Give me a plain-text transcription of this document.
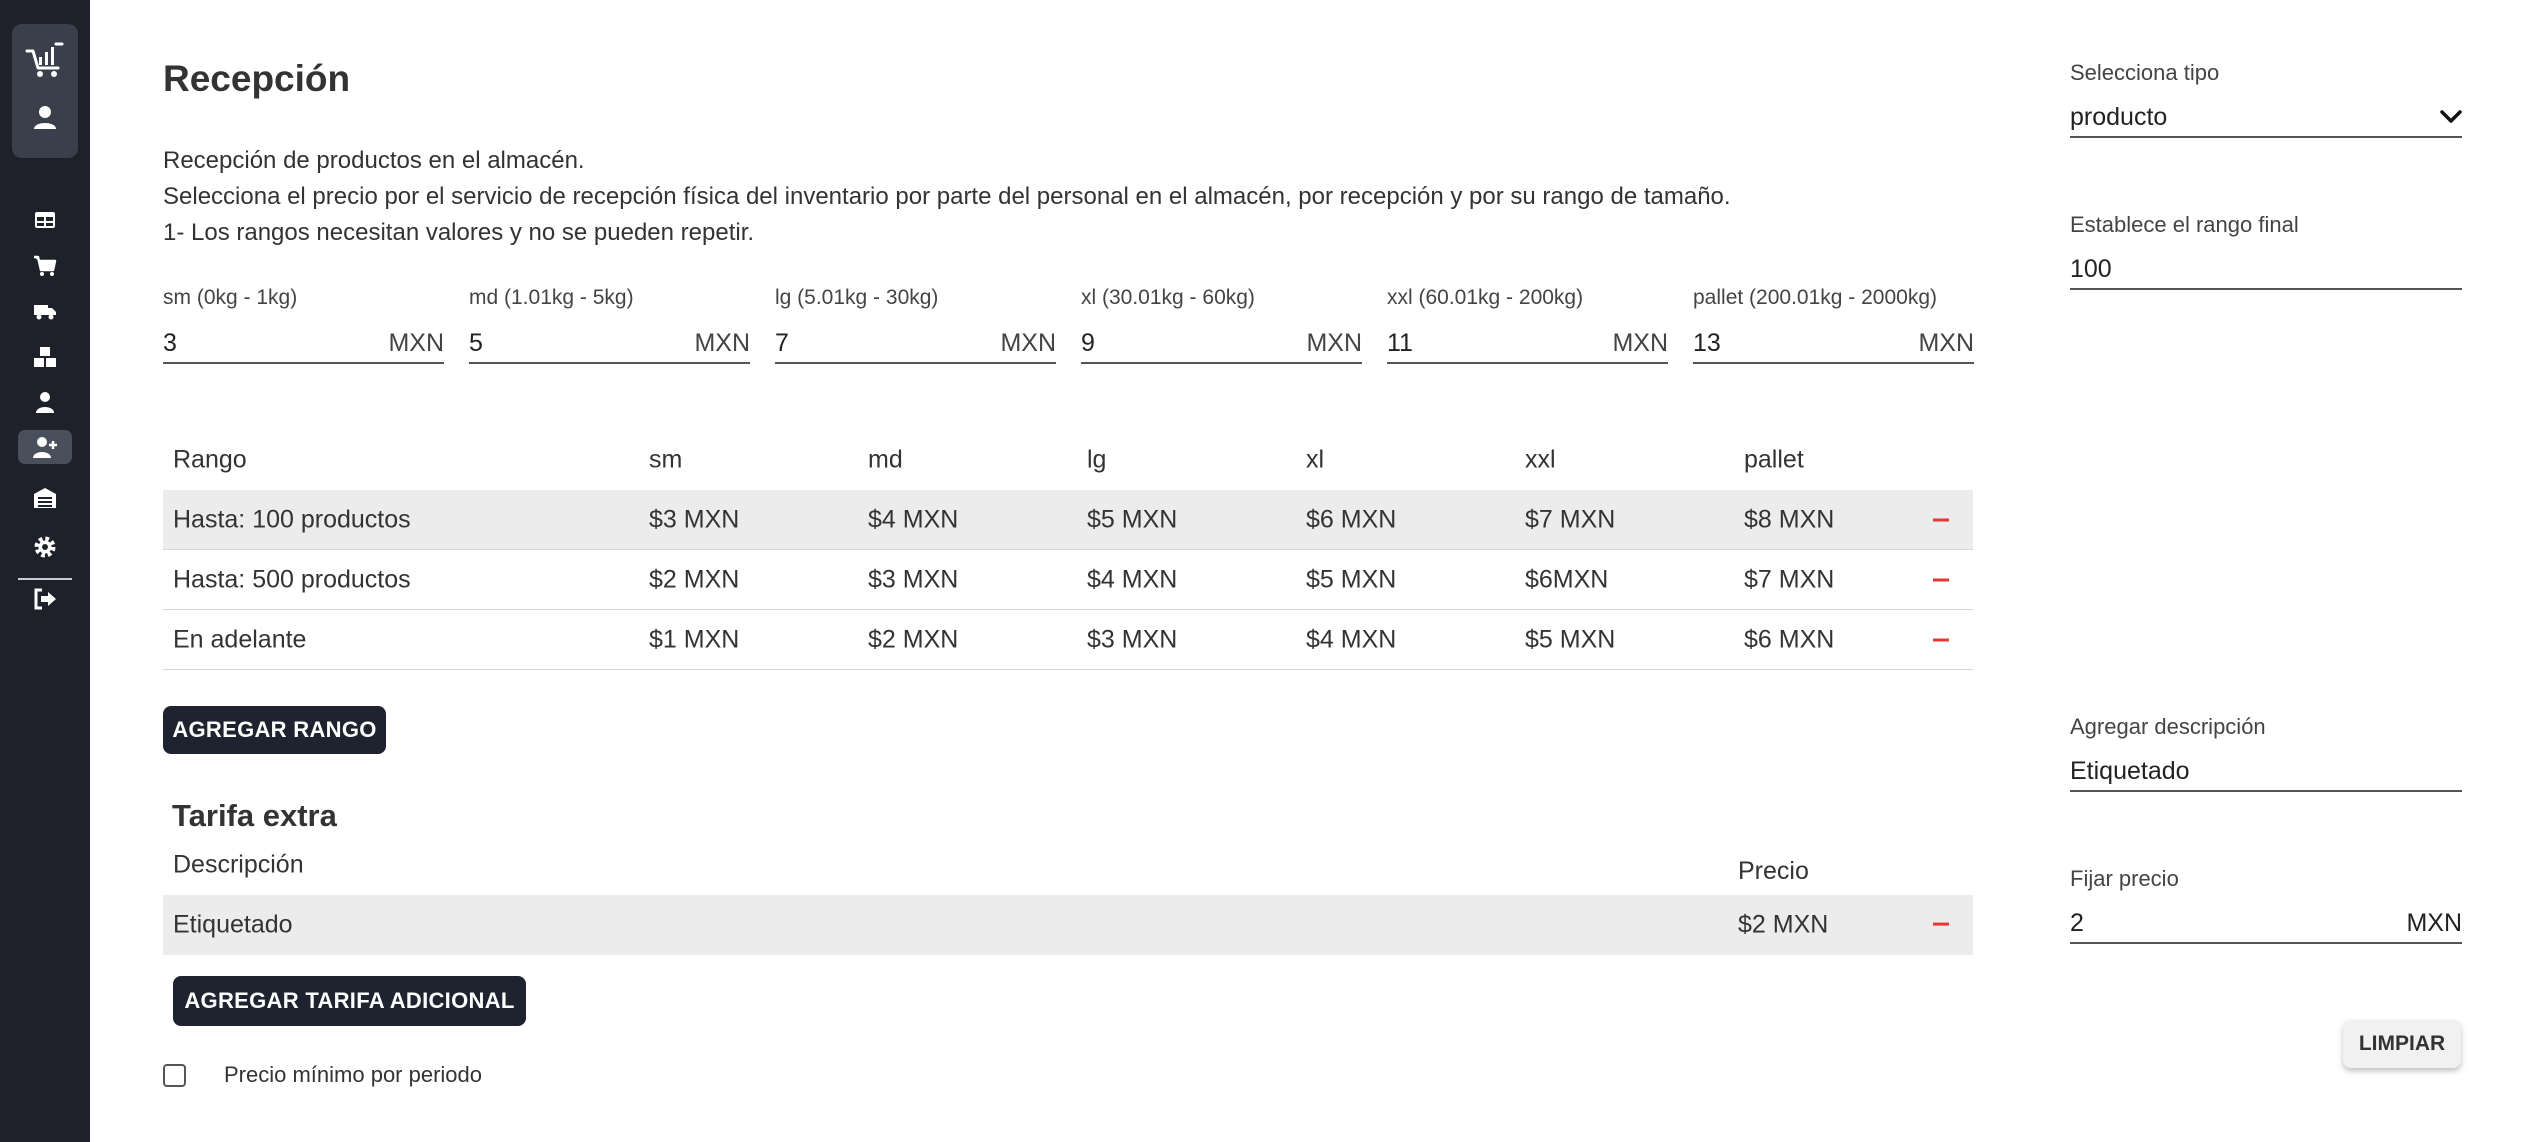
Recepción
Recepción de productos en el almacén.
Selecciona el precio por el servicio de recepción física del inventario por parte del personal en el almacén, por recepción y por su rango de tamaño.
1- Los rangos necesitan valores y no se pueden repetir.
sm (0kg - 1kg)
3	MXN
md (1.01kg - 5kg)
5	MXN
lg (5.01kg - 30kg)
7	MXN
xl (30.01kg - 60kg)
9	MXN
xxl (60.01kg - 200kg)
11	MXN
pallet (200.01kg - 2000kg)
13	MXN
Rango	sm	md	lg	xl	xxl	pallet
Hasta: 100 productos	$3 MXN	$4 MXN	$5 MXN	$6 MXN	$7 MXN	$8 MXN
Hasta: 500 productos	$2 MXN	$3 MXN	$4 MXN	$5 MXN	$6MXN	$7 MXN
En adelante	$1 MXN	$2 MXN	$3 MXN	$4 MXN	$5 MXN	$6 MXN
AGREGAR RANGO
Tarifa extra
Descripción	Precio
Etiquetado	$2 MXN
AGREGAR TARIFA ADICIONAL
Precio mínimo por periodo
Selecciona tipo
producto
Establece el rango final
100
Agregar descripción
Etiquetado
Fijar precio
2	MXN
LIMPIAR
